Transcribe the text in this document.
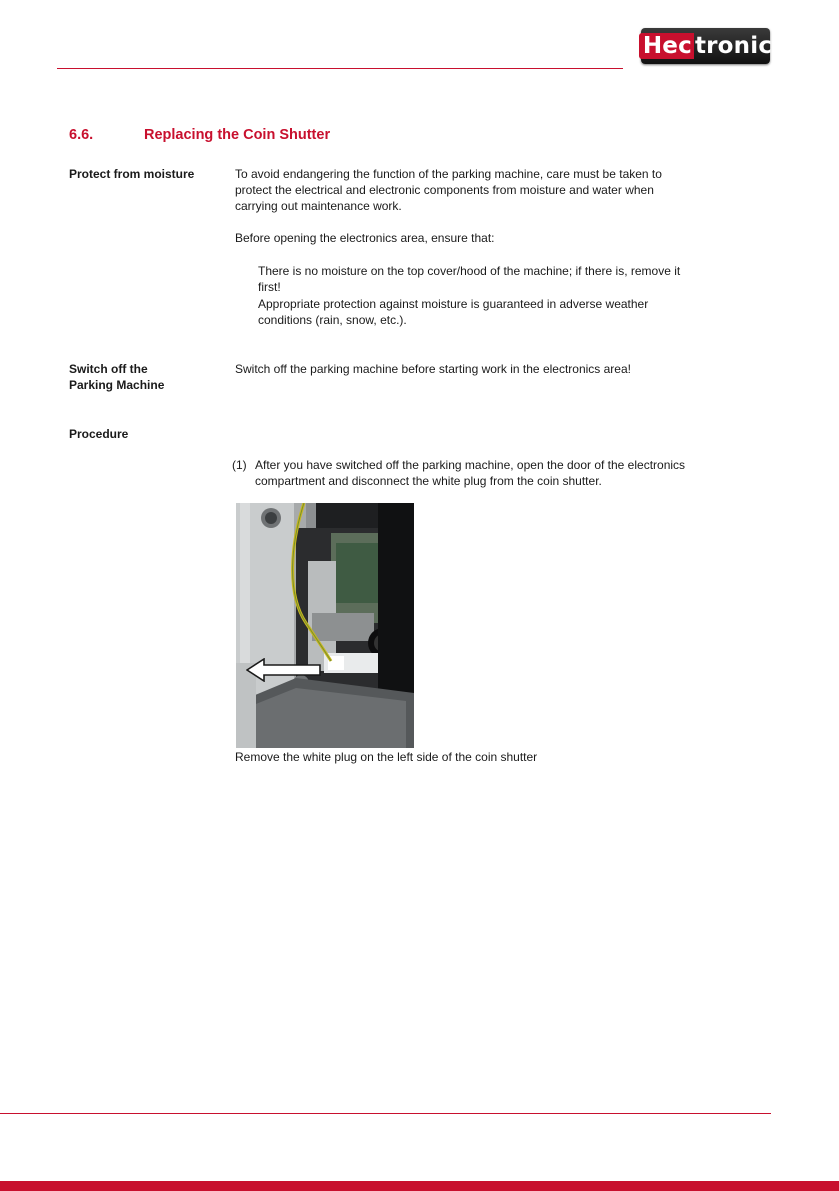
Hec tronic
6.6.	Replacing the Coin Shutter
Protect from moisture	To avoid endangering the function of the parking machine, care must be taken to protect the electrical and electronic components from moisture and water when carrying out maintenance work.
Before opening the electronics area, ensure that:
There is no moisture on the top cover/hood of the machine; if there is, remove it first!
Appropriate protection against moisture is guaranteed in adverse weather conditions (rain, snow, etc.).
Switch off the
Parking Machine
Switch off the parking machine before starting work in the electronics area!
Procedure
(1) After you have switched off the parking machine, open the door of the electronics compartment and disconnect the white plug from the coin shutter.
Remove the white plug on the left side of the coin shutter
